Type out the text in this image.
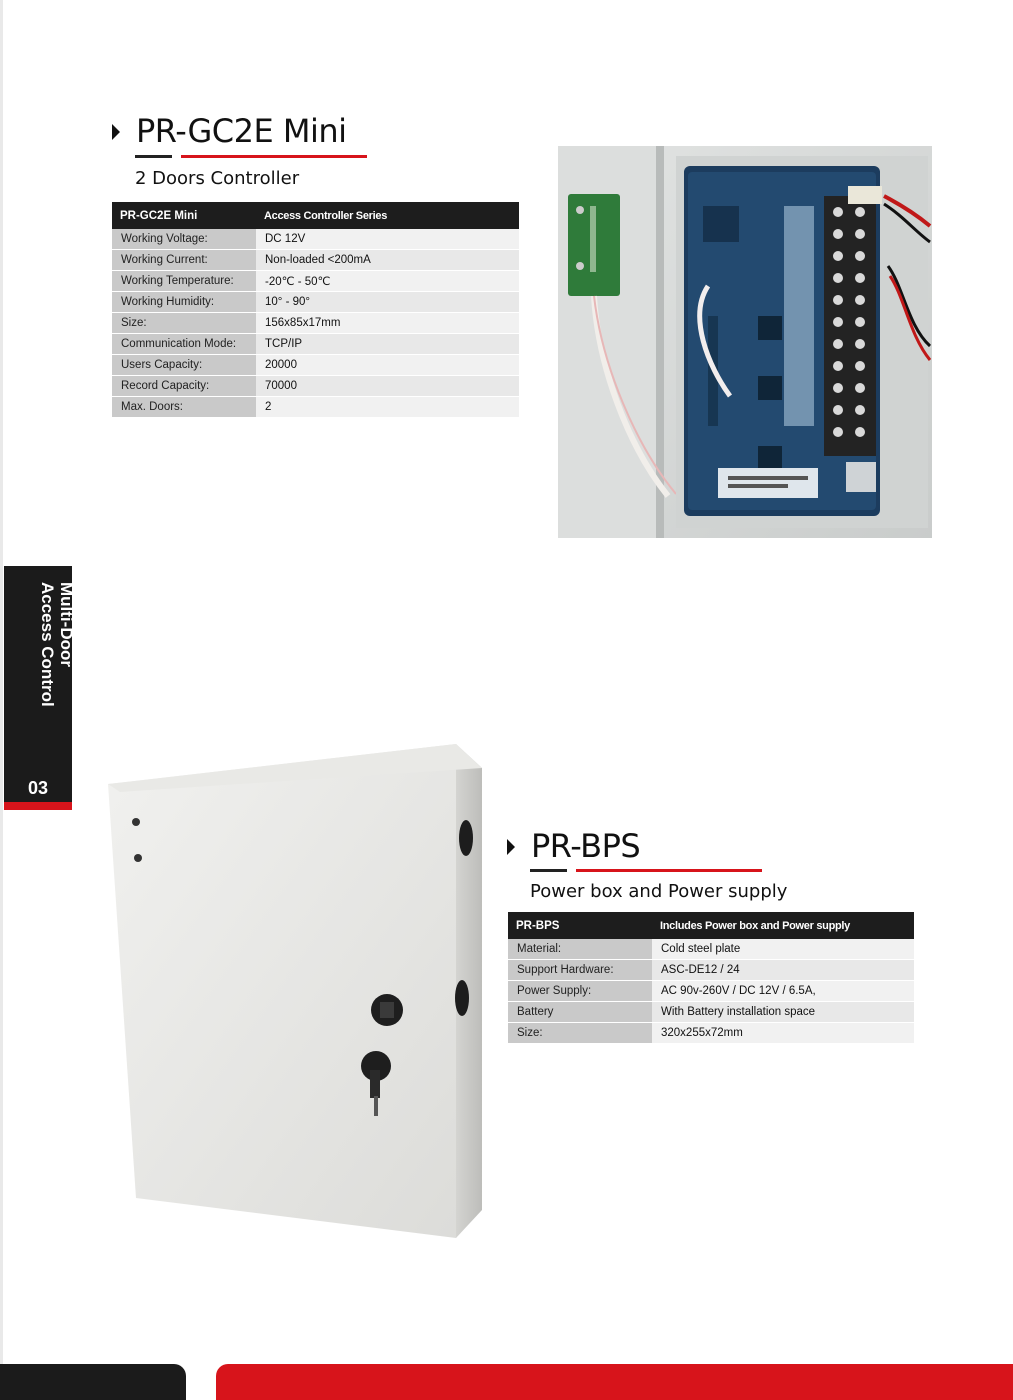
Multi-Door
Access Control
03
PR-GC2E Mini
2 Doors Controller
PR-GC2E Mini	Access Controller Series
Working Voltage:	DC 12V
Working Current:	Non-loaded <200mA
Working Temperature:	-20℃ - 50℃
Working Humidity:	10° - 90°
Size:	156x85x17mm
Communication Mode:	TCP/IP
Users Capacity:	20000
Record Capacity:	70000
Max. Doors:	2
PR-BPS
Power box and Power supply
PR-BPS	Includes Power box and Power supply
Material:	Cold steel plate
Support Hardware:	ASC-DE12 / 24
Power Supply:	AC 90v-260V / DC 12V / 6.5A,
Battery	With Battery installation space
Size:	320x255x72mm
